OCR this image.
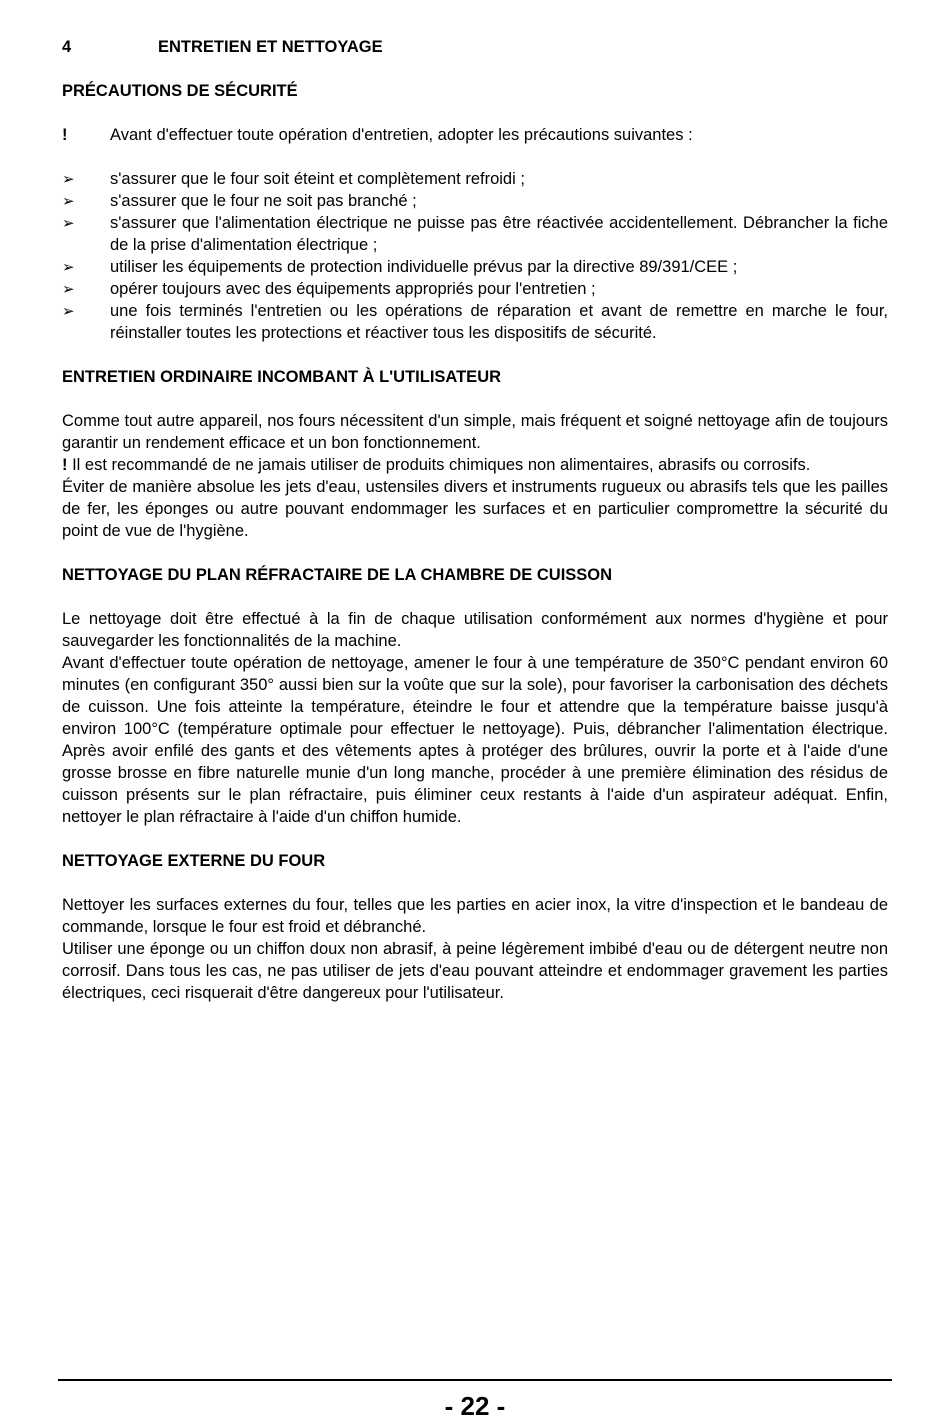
4	ENTRETIEN ET NETTOYAGE
PRÉCAUTIONS DE SÉCURITÉ
!	Avant d'effectuer toute opération d'entretien, adopter les précautions suivantes :
➢	s'assurer que le four soit éteint et complètement refroidi ;
➢	s'assurer que le four ne soit pas branché ;
➢	s'assurer que l'alimentation électrique ne puisse pas être réactivée accidentellement. Débrancher la fiche de la prise d'alimentation électrique ;
➢	utiliser les équipements de protection individuelle prévus par la directive 89/391/CEE ;
➢	opérer toujours avec des équipements appropriés pour l'entretien ;
➢	une fois terminés l'entretien ou les opérations de réparation et avant de remettre en marche le four, réinstaller toutes les protections et réactiver tous les dispositifs de sécurité.
ENTRETIEN ORDINAIRE INCOMBANT À L'UTILISATEUR

Comme tout autre appareil, nos fours nécessitent d'un simple, mais fréquent et soigné nettoyage afin de toujours garantir un rendement efficace et un bon fonctionnement.

! Il est recommandé de ne jamais utiliser de produits chimiques non alimentaires, abrasifs ou corrosifs.

Éviter de manière absolue les jets d'eau, ustensiles divers et instruments rugueux ou abrasifs tels que les pailles de fer, les éponges ou autre pouvant endommager les surfaces et en particulier compromettre la sécurité du point de vue de l'hygiène.

NETTOYAGE DU PLAN RÉFRACTAIRE DE LA CHAMBRE DE CUISSON

Le nettoyage doit être effectué à la fin de chaque utilisation conformément aux normes d'hygiène et pour sauvegarder les fonctionnalités de la machine.

Avant d'effectuer toute opération de nettoyage, amener le four à une température de 350°C pendant environ 60 minutes (en configurant 350° aussi bien sur la voûte que sur la sole), pour favoriser la carbonisation des déchets de cuisson. Une fois atteinte la température, éteindre le four et attendre que la température baisse jusqu'à environ 100°C (température optimale pour effectuer le nettoyage). Puis, débrancher l'alimentation électrique. Après avoir enfilé des gants et des vêtements aptes à protéger des brûlures, ouvrir la porte et à l'aide d'une grosse brosse en fibre naturelle munie d'un long manche, procéder à une première élimination des résidus de cuisson présents sur le plan réfractaire, puis éliminer ceux restants à l'aide d'un aspirateur adéquat. Enfin, nettoyer le plan réfractaire à l'aide d'un chiffon humide.

NETTOYAGE EXTERNE DU FOUR

Nettoyer les surfaces externes du four, telles que les parties en acier inox, la vitre d'inspection et le bandeau de commande, lorsque le four est froid et débranché.

Utiliser une éponge ou un chiffon doux non abrasif, à peine légèrement imbibé d'eau ou de détergent neutre non corrosif. Dans tous les cas, ne pas utiliser de jets d'eau pouvant atteindre et endommager gravement les parties électriques, ceci risquerait d'être dangereux pour l'utilisateur.

- 22 -
